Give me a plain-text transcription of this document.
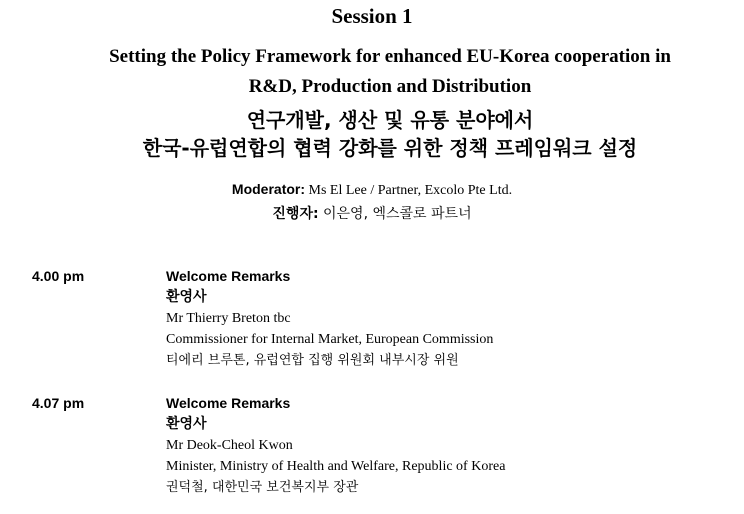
Session 1
Setting the Policy Framework for enhanced EU-Korea cooperation in
R&D, Production and Distribution
연구개발, 생산 및 유통 분야에서
한국-유럽연합의 협력 강화를 위한 정책 프레임워크 설정
Moderator: Ms El Lee / Partner, Excolo Pte Ltd.
진행자: 이은영, 엑스콜로 파트너
4.00 pm	Welcome Remarks
환영사
Mr Thierry Breton tbc
Commissioner for Internal Market, European Commission
티에리 브루톤, 유럽연합 집행 위원회 내부시장 위원
4.07 pm	Welcome Remarks
환영사
Mr Deok-Cheol Kwon
Minister, Ministry of Health and Welfare, Republic of Korea
권덕철, 대한민국 보건복지부 장관
